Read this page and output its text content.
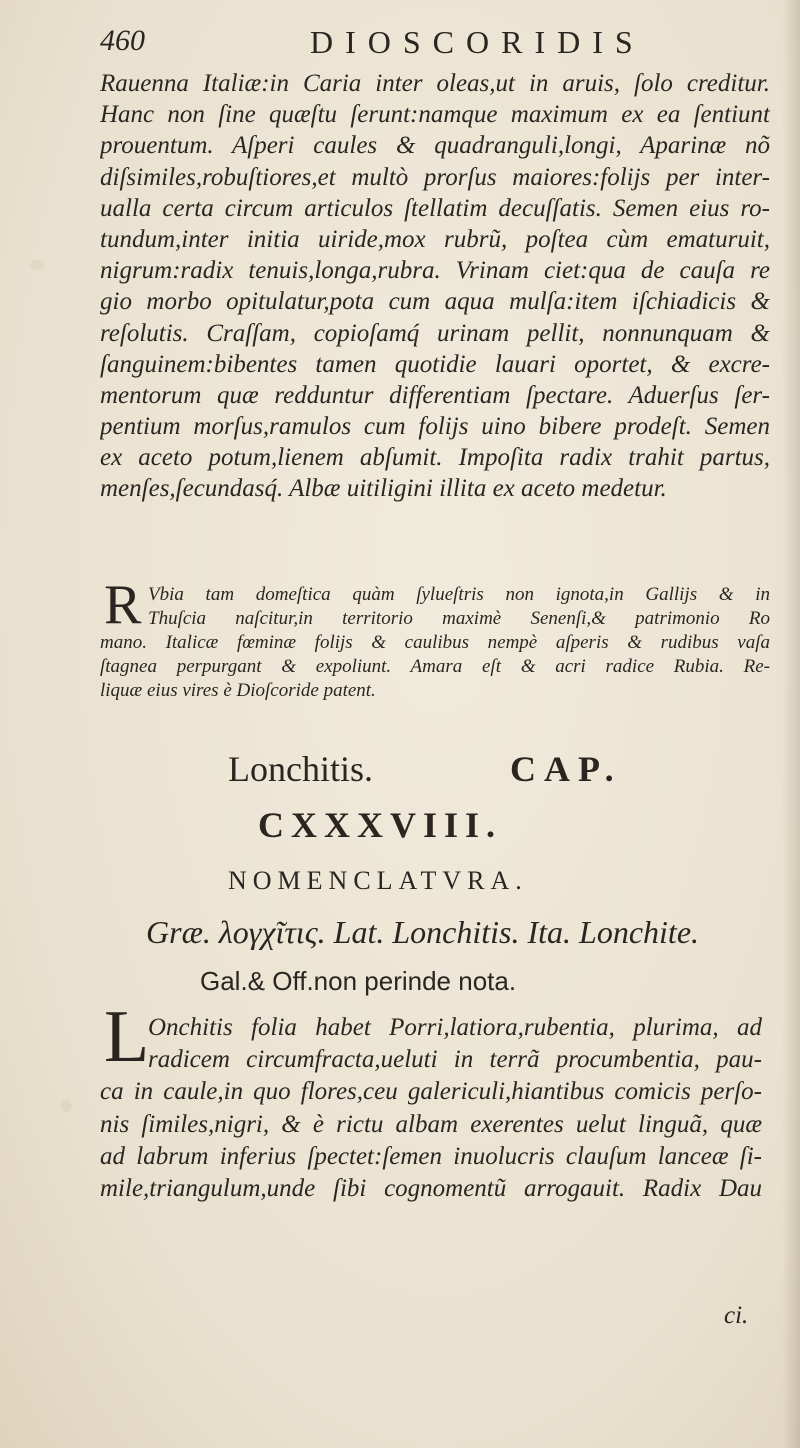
460	DIOSCORIDIS
Rauenna Italiæ:in Caria inter oleas,ut in aruis, ſolo creditur.
Hanc non ſine quæſtu ſerunt:namque maximum ex ea ſentiunt
prouentum. Aſperi caules & quadranguli,longi, Aparinæ nõ
diſsimiles,robuſtiores,et multò prorſus maiores:folijs per inter-
ualla certa circum articulos ſtellatim decuſſatis. Semen eius ro-
tundum,inter initia uiride,mox rubrũ, poſtea cùm ematuruit,
nigrum:radix tenuis,longa,rubra. Vrinam ciet:qua de cauſa re
gio morbo opitulatur,pota cum aqua mulſa:item iſchiadicis &
reſolutis. Craſſam, copioſamq́ urinam pellit, nonnunquam &
ſanguinem:bibentes tamen quotidie lauari oportet, & excre-
mentorum quæ redduntur differentiam ſpectare. Aduerſus ſer-
pentium morſus,ramulos cum folijs uino bibere prodeſt. Semen
ex aceto potum,lienem abſumit. Impoſita radix trahit partus,
menſes,ſecundasq́. Albæ uitiligini illita ex aceto medetur.
R Vbia tam domeſtica quàm ſylueſtris non ignota,in Gallijs & in
Thuſcia naſcitur,in territorio maximè Senenſi,& patrimonio Ro
mano. Italicæ fœminæ folijs & caulibus nempè aſperis & rudibus vaſa
ſtagnea perpurgant & expoliunt. Amara eſt & acri radice Rubia. Re-
liquæ eius vires è Dioſcoride patent.
Lonchitis.	CAP.
CXXXVIII.
NOMENCLATVRA.
Græ. λογχῖτις. Lat. Lonchitis. Ita. Lonchite.
Gal.& Off.non perinde nota.
L
Onchitis folia habet Porri,latiora,rubentia, plurima, ad
radicem circumfracta,ueluti in terrã procumbentia, pau-
ca in caule,in quo flores,ceu galericuli,hiantibus comicis perſo-
nis ſimiles,nigri, & è rictu albam exerentes uelut linguã, quæ
ad labrum inferius ſpectet:ſemen inuolucris clauſum lanceæ ſi-
mile,triangulum,unde ſibi cognomentũ arrogauit. Radix Dau
ci.
